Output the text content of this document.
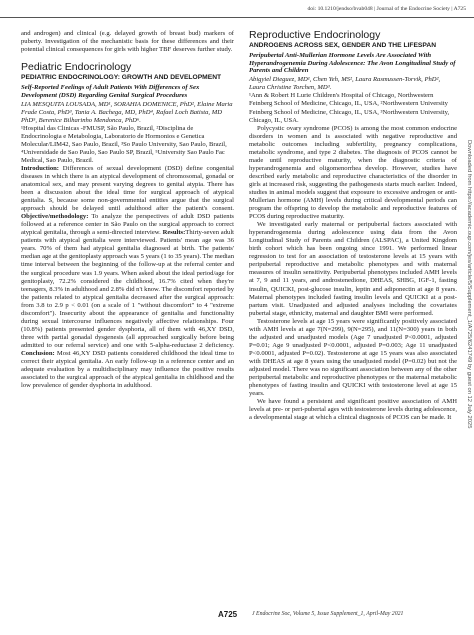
doi: 10.1210/jendso/bvab048 | Journal of the Endocrine Society | A725

and androgen) and clinical (e.g. delayed growth of breast bud) markers of puberty. Investigation of the mechanistic basis for these differences and their potential clinical consequences for girls with higher TBF deserves further study.

Pediatric Endocrinology
PEDIATRIC ENDOCRINOLOGY: GROWTH AND DEVELOPMENT
Self-Reported Feelings of Adult Patients With Differences of Sex Development (DSD) Regarding Genital Surgical Procedures

LIA MESQUITA LOUSADA, MD¹, SORAHIA DOMENICE, PhD², Elaine Maria Frade Costa, PhD³, Tania A. Bachega, MD, PhD⁴, Rafael Loch Batista, MD PhD⁵, Berenice Bilharinho Mendonca, PhD⁶.

¹Hospital das Clinicas -FMUSP, São Paulo, Brazil, ²Disciplina de Endocrinologia e Metabologia, Laboratorio de Hormonios e Genetica Molecular/LIM42, Sao Paulo, Brazil, ³So Paulo University, Sao Paulo, Brazil, ⁴Universidade de Sao Paulo, Sao Paulo SP, Brazil, ⁵University Sao Paulo Fac Medical, Sao Paulo, Brazil.

Introduction: Differences of sexual development (DSD) define congenital diseases in which there is an atypical development of chromosomal, gonadal or anatomical sex, and may present varying degrees to genital atypia. There has been a discussion about the ideal time for surgical approach of atypical genitalia. S, because some non-governmental entities argue that the surgical approach should be delayed until adulthood after the patient's consent. Objective/methodology: To analyze the perspectives of adult DSD patients followed at a reference center in São Paulo on the surgical approach to correct atypical genitalia, through a semi-directed interview. Results:Thirty-seven adult patients with atypical genitalia were interviewed. Patients' mean age was 36 years. 70% of them had atypical genitalia diagnosed at birth. The patients' median age at the genitoplasty approach was 5 years (1 to 35 years). The median time interval between the beginning of the follow-up at the referral center and the surgical procedure was 1.9 years. When asked about the ideal period/age for genitoplasty, 72.2% considered the childhood, 16.7% cited when they're teenagers, 8.3% in adulthood and 2.8% did n't know. The discomfort reported by the patients related to atypical genitalia decreased after the surgical approach: from 3.8 to 2.9 p < 0.01 (on a scale of 1 "without discomfort" to 4 "extreme discomfort"). Insecurity about the appearance of genitalia and functionality during sexual intercourse influences negatively affective relationships. Four (10.8%) patients presented gender dysphoria, all of them with 46,XY DSD, three with partial gonadal dysgenesis (all approached surgically before being admitted to our referral service) and one with 5-alpha-reductase 2 deficiency. Conclusion: Most 46,XY DSD patients considered childhood the ideal time to correct their atypical genitalia. An early follow-up in a reference center and an adequate evaluation by a multidisciplinary may influence the positive results associated to the surgical approach of the atypical genitalia in childhood and the low prevalence of gender dysphoria in adulthood.

Reproductive Endocrinology
ANDROGENS ACROSS SEX, GENDER AND THE LIFESPAN
Peripubertal Anti-Mullerian Hormone Levels Are Associated With Hyperandrogenemia During Adolescence: The Avon Longitudinal Study of Parents and Children

Abigyiel Dieguez, MD¹, Chen Yeh, MS², Laura Rasmussen-Torvik, PhD², Laura Christine Torchen, MD³.

¹Ann & Robert H Lurie Children's Hospital of Chicago, Northwestern Feinberg School of Medicine, Chicago, IL, USA, ²Northwestern University Feinberg School of Medicine, Chicago, IL, USA, ³Northwestern University, Chicago, IL, USA.

Polycystic ovary syndrome (PCOS) is among the most common endocrine disorders in women and is associated with negative reproductive and metabolic outcomes including subfertility, pregnancy complications, metabolic syndrome, and type 2 diabetes. The diagnosis of PCOS cannot be made until reproductive maturity, when the diagnostic criteria of hyperandrogenemia and oligomenorrhea develop. However, studies have described early metabolic and reproductive characteristics of the disorder in girls at increased risk, suggesting the pathogenesis starts much earlier. Indeed, studies in animal models suggest that exposure to excessive androgen or anti-Mullerian hormone (AMH) levels during critical developmental periods can program the offspring to develop the metabolic and reproductive features of PCOS during reproductive maturity.

We investigated early maternal or peripubertal factors associated with hyperandrogenemia during adolescence using data from the Avon Longitudinal Study of Parents and Children (ALSPAC), a United Kingdom birth cohort which has been ongoing since 1991. We performed linear regression to test for an association of testosterone levels at 15 years with peripubertal reproductive and metabolic phenotypes and with maternal measures of insulin sensitivity. Peripubertal phenotypes included AMH levels at 7, 9 and 11 years, and androstenedione, DHEAS, SHBG, IGF-1, fasting insulin, QUICKI, post-glucose insulin, leptin and adiponectin at age 8 years. Maternal phenotypes included fasting insulin levels and QUICKI at a post-partum visit. Unadjusted and adjusted analyses including the covariates pubertal stage, ethnicity, maternal and daughter BMI were performed.

Testosterone levels at age 15 years were significantly positively associated with AMH levels at age 7(N=299), 9(N=295), and 11(N=300) years in both the adjusted and unadjusted models (Age 7 unadjusted P<0.0001, adjusted P=0.01; Age 9 unadjusted P<0.0001, adjusted P=0.003; Age 11 unadjusted P<0.0001, adjusted P=0.02). Testosterone at age 15 years was also associated with DHEAS at age 8 years using the unadjusted model (P=0.02) but not the adjusted model. There was no significant association between any of the other peripubertal metabolic and reproductive phenotypes or the maternal metabolic phenotypes of fasting insulin and QUICKI with testosterone level at age 15 years.

We have found a persistent and significant positive association of AMH levels at pre- or peri-pubertal ages with testosterone levels during adolescence, a developmental stage at which a clinical diagnosis of PCOS can be made. It	Downloaded from https://academic.oup.com/jes/article/5/Supplement_1/A725/6241749 by guest on 12 July 2025
A725	J Endocrine Soc, Volume 5, Issue Supplement_1, April-May 2021
